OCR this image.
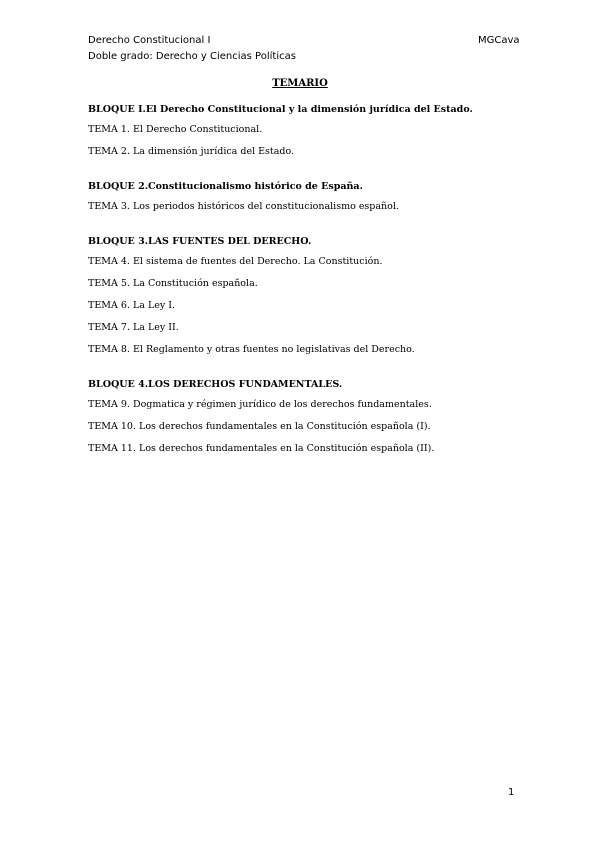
Derecho Constitucional I
Doble grado: Derecho y Ciencias Políticas
MGCava
TEMARIO
BLOQUE I.El Derecho Constitucional y la dimensión jurídica del Estado.
TEMA 1. El Derecho Constitucional.
TEMA 2. La dimensión jurídica del Estado.
BLOQUE 2.Constitucionalismo histórico de España.
TEMA 3. Los periodos históricos del constitucionalismo español.
BLOQUE 3.LAS FUENTES DEL DERECHO.
TEMA 4. El sistema de fuentes del Derecho. La Constitución.
TEMA 5. La Constitución española.
TEMA 6. La Ley I.
TEMA 7. La Ley II.
TEMA 8. El Reglamento y otras fuentes no legislativas del Derecho.
BLOQUE 4.LOS DERECHOS FUNDAMENTALES.
TEMA 9. Dogmatica y régimen jurídico de los derechos fundamentales.
TEMA 10. Los derechos fundamentales en la Constitución española (I).
TEMA 11. Los derechos fundamentales en la Constitución española (II).
1
